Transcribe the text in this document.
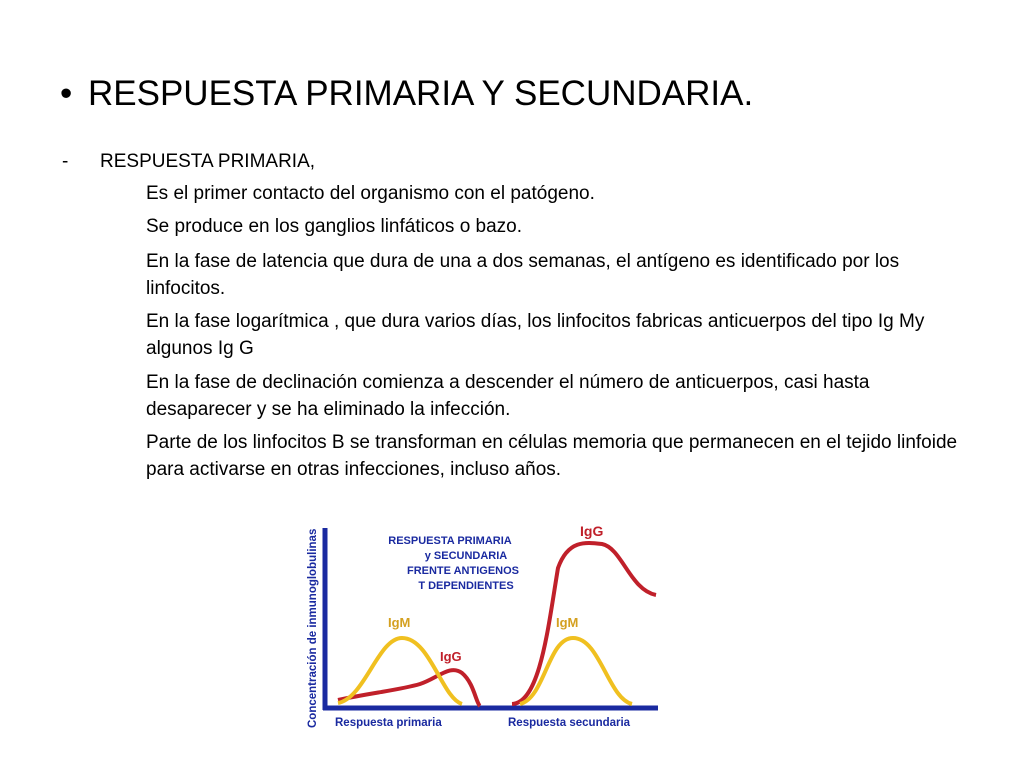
• RESPUESTA PRIMARIA Y SECUNDARIA.
- RESPUESTA PRIMARIA,
Es el primer contacto del organismo con el patógeno.
Se produce en los ganglios linfáticos o bazo.
En la fase de latencia que dura de una a dos semanas, el antígeno es identificado por los linfocitos.
En la fase logarítmica , que dura varios días, los linfocitos fabricas anticuerpos del tipo Ig My algunos Ig G
En la fase de declinación comienza a descender el número de anticuerpos, casi hasta desaparecer y se ha eliminado la infección.
Parte de los linfocitos B se transforman en células memoria que permanecen en el tejido linfoide para activarse en otras infecciones, incluso años.
Concentración de inmunoglobulinas	RESPUESTA PRIMARIA
y SECUNDARIA
FRENTE ANTIGENOS
T DEPENDIENTES
IgM
IgG
IgM
IgG
Respuesta primaria	Respuesta secundaria
